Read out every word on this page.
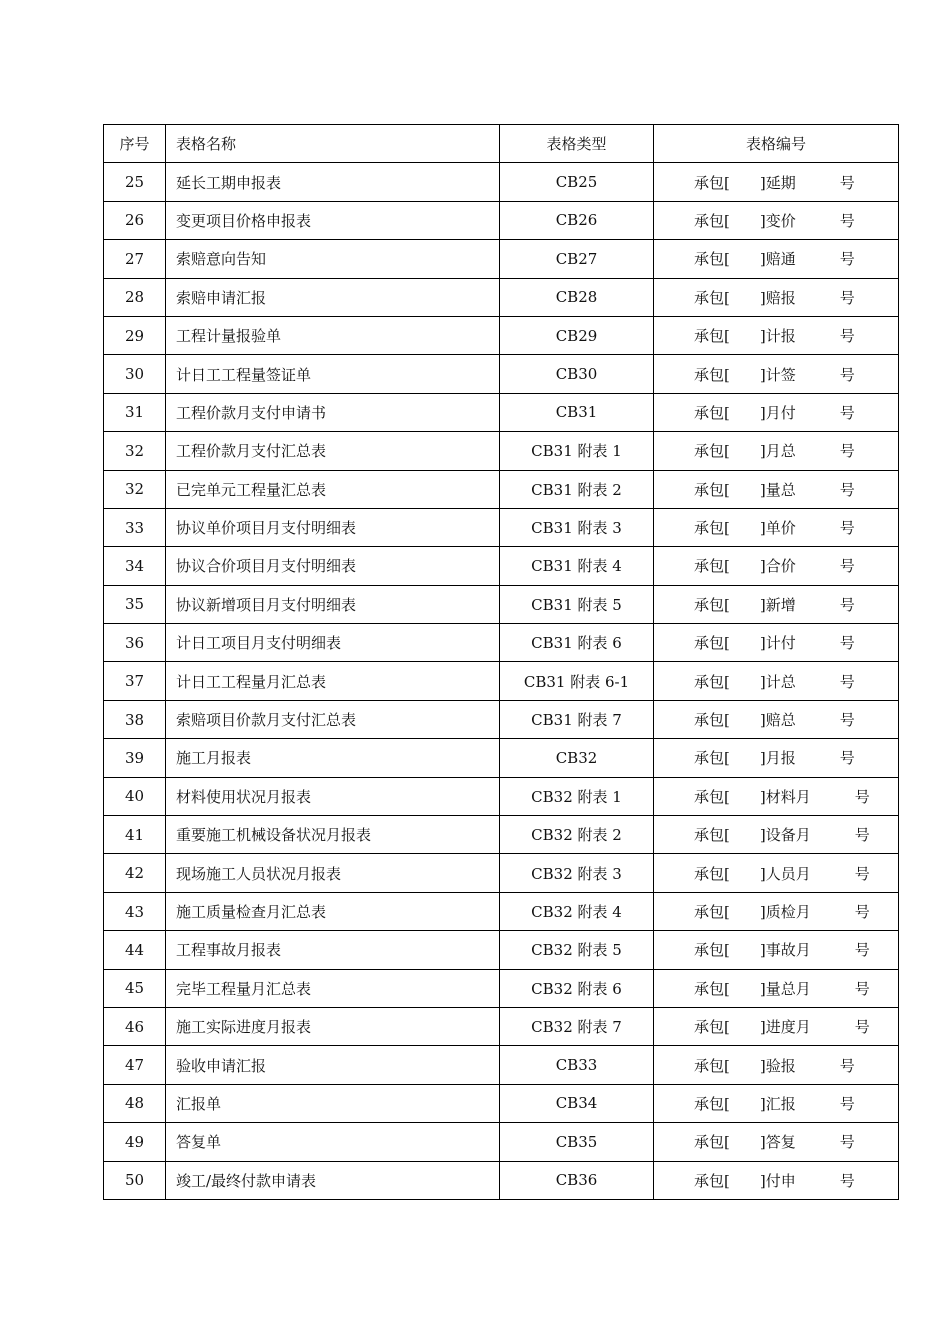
序号	表格名称	表格类型	表格编号
25	延长工期申报表	CB25	承包[ ]延期 号
26	变更项目价格申报表	CB26	承包[ ]变价 号
27	索赔意向告知	CB27	承包[ ]赔通 号
28	索赔申请汇报	CB28	承包[ ]赔报 号
29	工程计量报验单	CB29	承包[ ]计报 号
30	计日工工程量签证单	CB30	承包[ ]计签 号
31	工程价款月支付申请书	CB31	承包[ ]月付 号
32	工程价款月支付汇总表	CB31 附表 1	承包[ ]月总 号
32	已完单元工程量汇总表	CB31 附表 2	承包[ ]量总 号
33	协议单价项目月支付明细表	CB31 附表 3	承包[ ]单价 号
34	协议合价项目月支付明细表	CB31 附表 4	承包[ ]合价 号
35	协议新增项目月支付明细表	CB31 附表 5	承包[ ]新增 号
36	计日工项目月支付明细表	CB31 附表 6	承包[ ]计付 号
37	计日工工程量月汇总表	CB31 附表 6-1	承包[ ]计总 号
38	索赔项目价款月支付汇总表	CB31 附表 7	承包[ ]赔总 号
39	施工月报表	CB32	承包[ ]月报 号
40	材料使用状况月报表	CB32 附表 1	承包[ ]材料月 号
41	重要施工机械设备状况月报表	CB32 附表 2	承包[ ]设备月 号
42	现场施工人员状况月报表	CB32 附表 3	承包[ ]人员月 号
43	施工质量检查月汇总表	CB32 附表 4	承包[ ]质检月 号
44	工程事故月报表	CB32 附表 5	承包[ ]事故月 号
45	完毕工程量月汇总表	CB32 附表 6	承包[ ]量总月 号
46	施工实际进度月报表	CB32 附表 7	承包[ ]进度月 号
47	验收申请汇报	CB33	承包[ ]验报 号
48	汇报单	CB34	承包[ ]汇报 号
49	答复单	CB35	承包[ ]答复 号
50	竣工/最终付款申请表	CB36	承包[ ]付申 号
